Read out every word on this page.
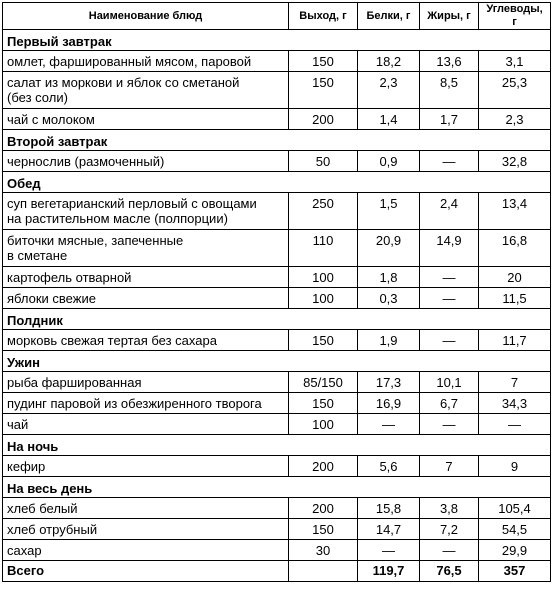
Наименование блюд	Выход, г	Белки, г	Жиры, г	Углеводы, г
Первый завтрак				
омлет, фаршированный мясом, паровой	150	18,2	13,6	3,1

салат из моркови и яблок со сметаной
(без соли)	150	2,3	8,5	25,3
чай с молоком	200	1,4	1,7	2,3
Второй завтрак				
чернослив (размоченный)	50	0,9	—	32,8
Обед				

суп вегетарианский перловый с овощами
на растительном масле (полпорции)	250	1,5	2,4	13,4

биточки мясные, запеченные
в сметане	110	20,9	14,9	16,8
картофель отварной	100	1,8	—	20
яблоки свежие	100	0,3	—	11,5
Полдник				
морковь свежая тертая без сахара	150	1,9	—	11,7
Ужин				
рыба фаршированная	85/150	17,3	10,1	7
пудинг паровой из обезжиренного творога	150	16,9	6,7	34,3
чай	100	—	—	—
На ночь				
кефир	200	5,6	7	9
На весь день				
хлеб белый	200	15,8	3,8	105,4
хлеб отрубный	150	14,7	7,2	54,5
сахар	30	—	—	29,9
Всего		119,7	76,5	357
